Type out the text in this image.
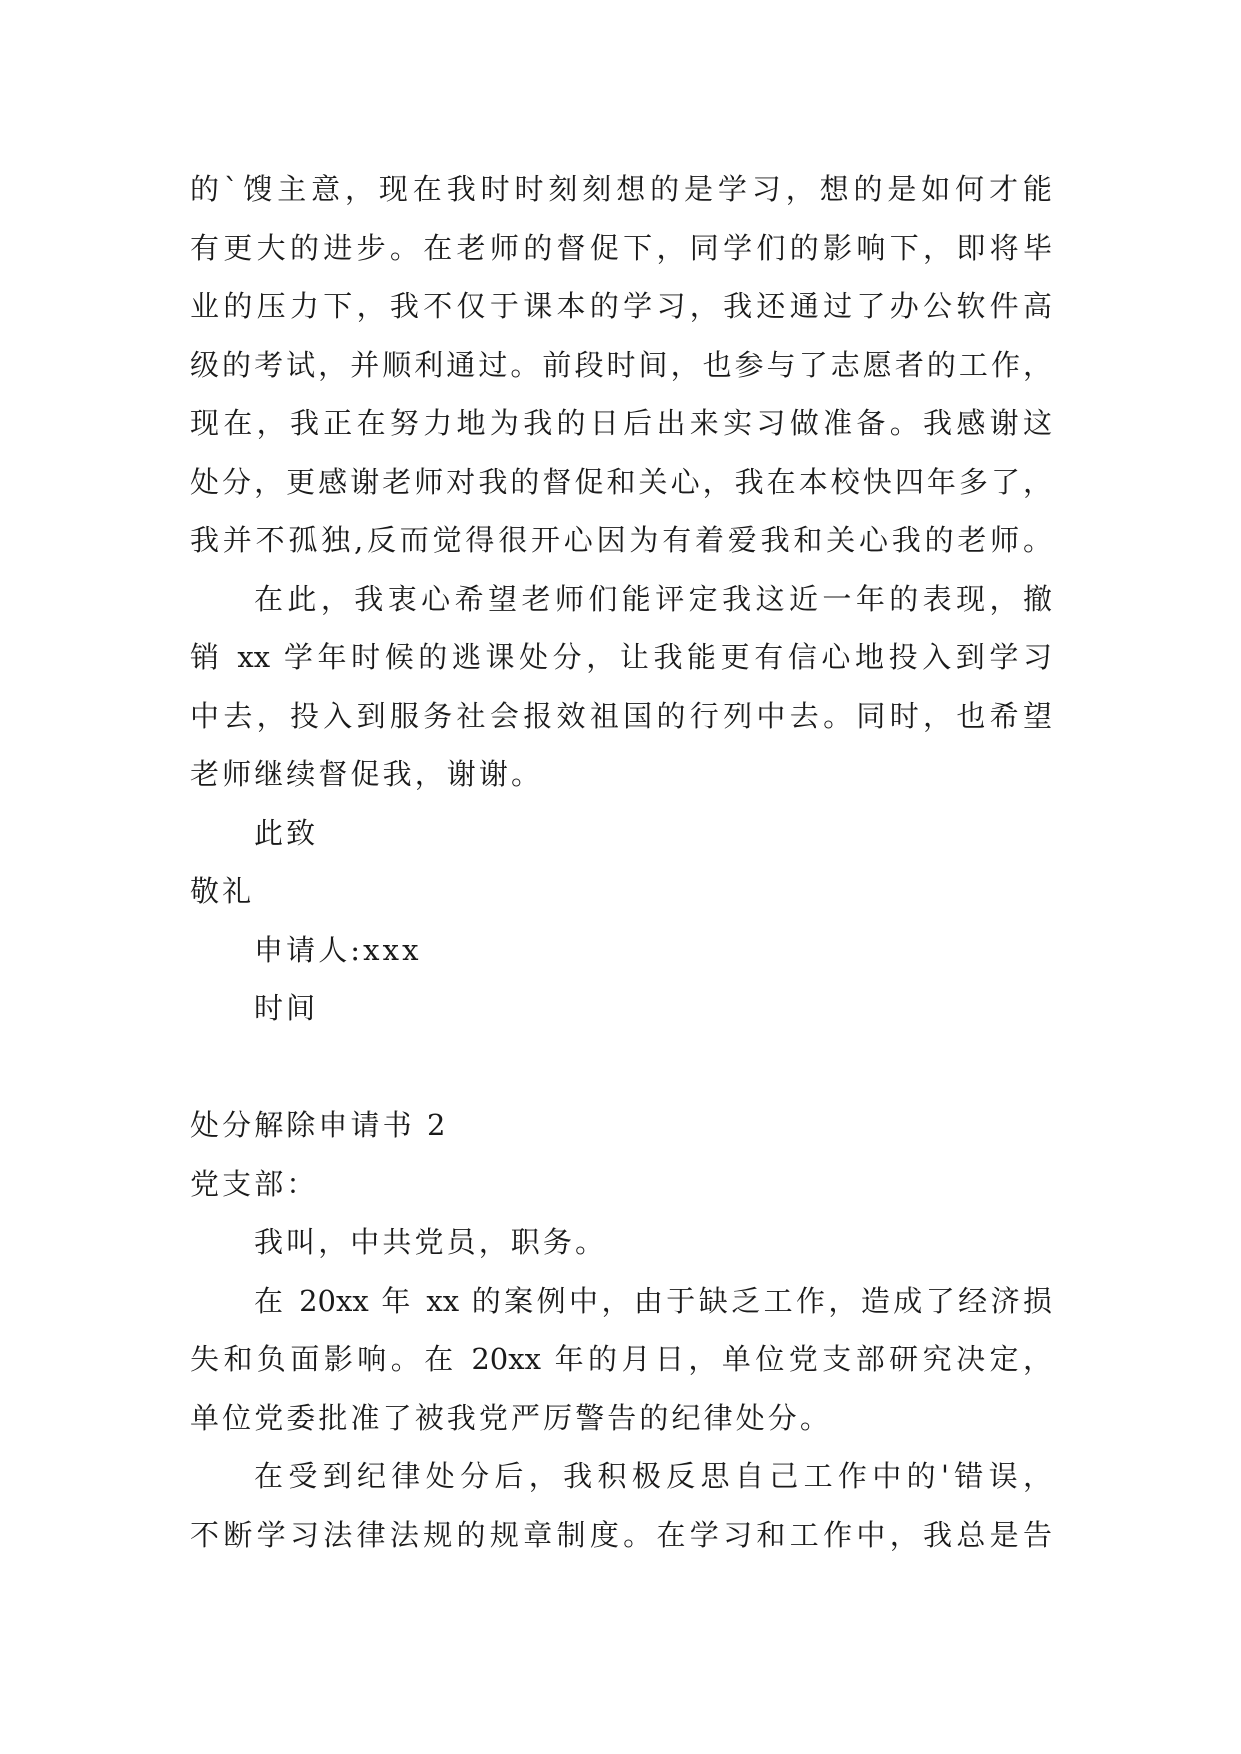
的`馊主意，现在我时时刻刻想的是学习，想的是如何才能
有更大的进步。在老师的督促下，同学们的影响下，即将毕
业的压力下，我不仅于课本的学习，我还通过了办公软件高
级的考试，并顺利通过。前段时间，也参与了志愿者的工作，
现在，我正在努力地为我的日后出来实习做准备。我感谢这
处分，更感谢老师对我的督促和关心，我在本校快四年多了，
我并不孤独,反而觉得很开心因为有着爱我和关心我的老师。
在此，我衷心希望老师们能评定我这近一年的表现，撤
销 xx 学年时候的逃课处分，让我能更有信心地投入到学习
中去，投入到服务社会报效祖国的行列中去。同时，也希望
老师继续督促我，谢谢。
此致
敬礼
申请人:xxx
时间
处分解除申请书 2
党支部：
我叫，中共党员，职务。
在 20xx 年 xx 的案例中，由于缺乏工作，造成了经济损
失和负面影响。在 20xx 年的月日，单位党支部研究决定，
单位党委批准了被我党严厉警告的纪律处分。
在受到纪律处分后，我积极反思自己工作中的'错误，
不断学习法律法规的规章制度。在学习和工作中，我总是告
